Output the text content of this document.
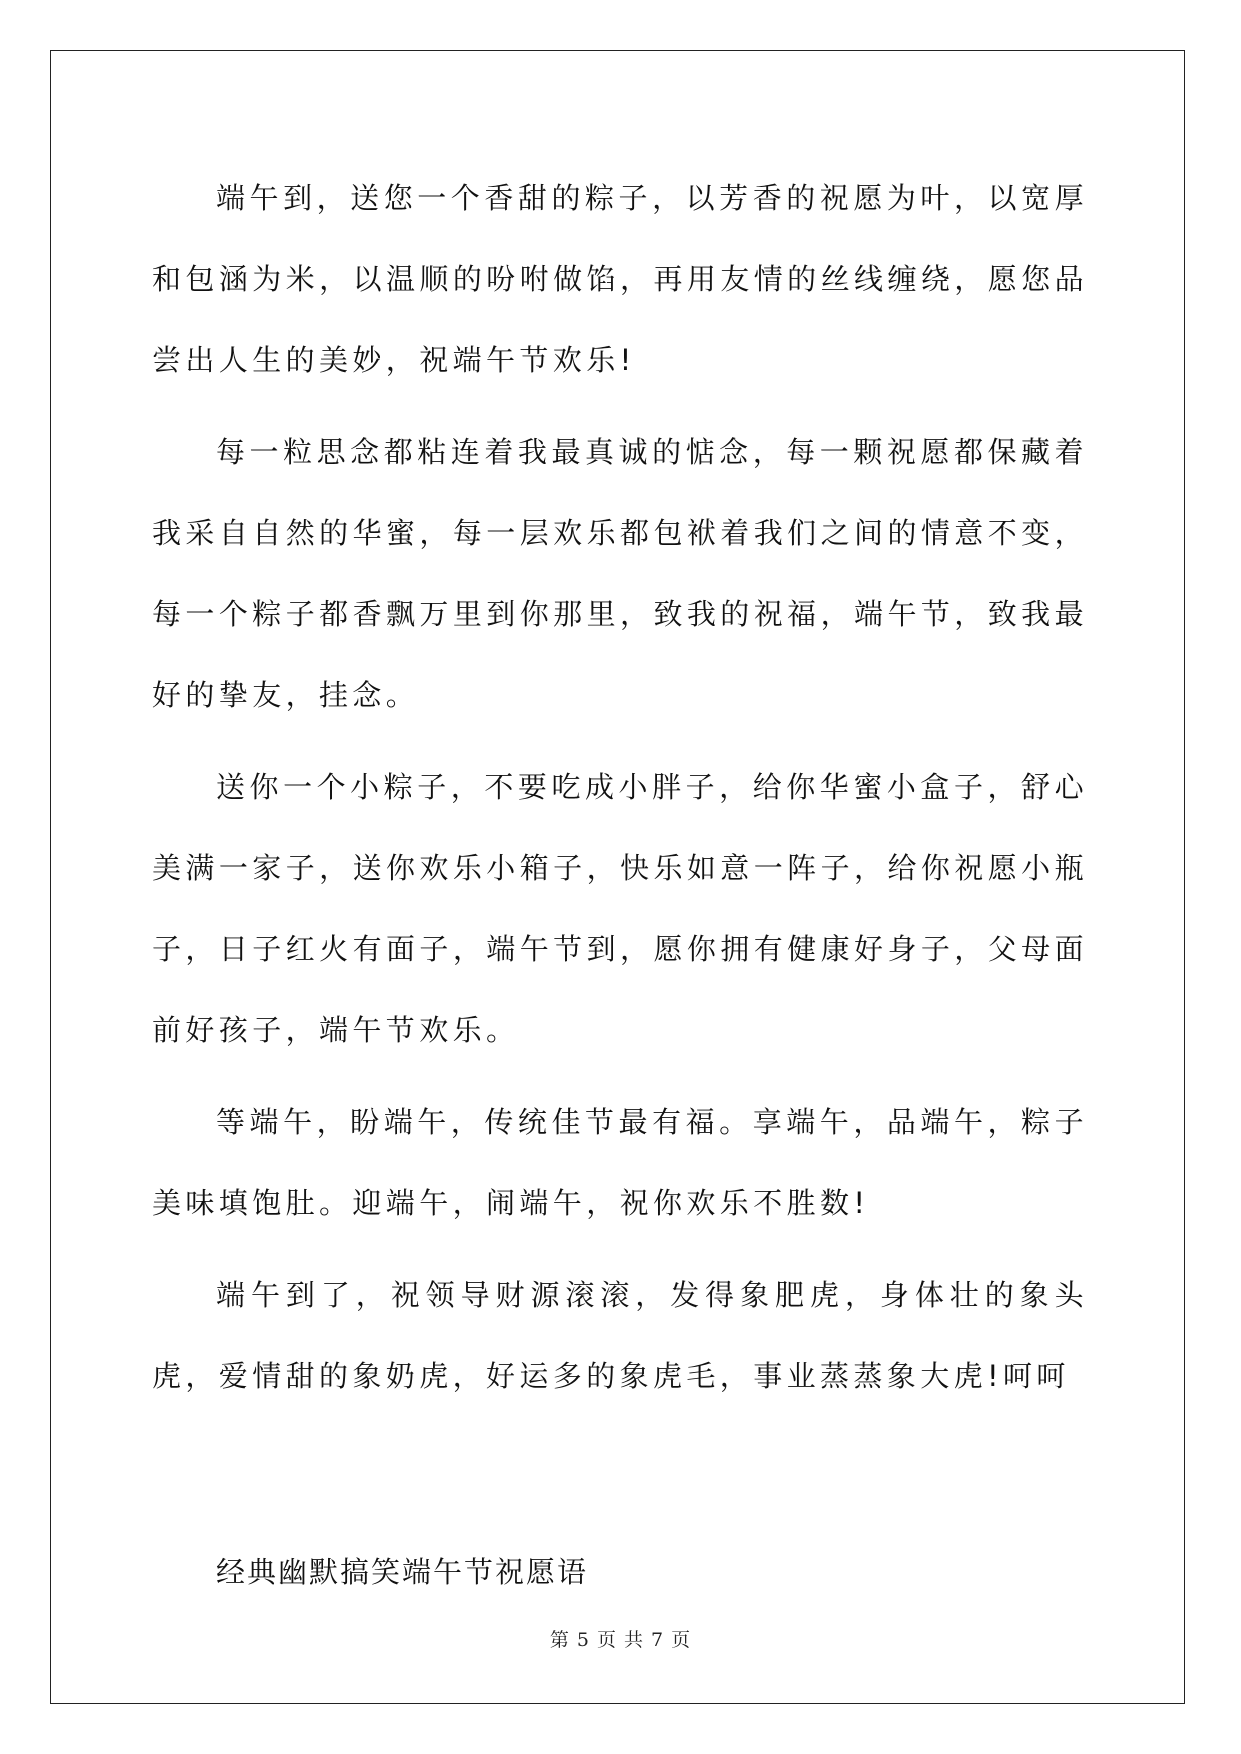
端午到，送您一个香甜的粽子，以芳香的祝愿为叶，以宽厚和包涵为米，以温顺的吩咐做馅，再用友情的丝线缠绕，愿您品尝出人生的美妙，祝端午节欢乐!

每一粒思念都粘连着我最真诚的惦念，每一颗祝愿都保藏着我采自自然的华蜜，每一层欢乐都包袱着我们之间的情意不变，每一个粽子都香飘万里到你那里，致我的祝福，端午节，致我最好的挚友，挂念。

送你一个小粽子，不要吃成小胖子，给你华蜜小盒子，舒心美满一家子，送你欢乐小箱子，快乐如意一阵子，给你祝愿小瓶子，日子红火有面子，端午节到，愿你拥有健康好身子，父母面前好孩子，端午节欢乐。

等端午，盼端午，传统佳节最有福。享端午，品端午，粽子美味填饱肚。迎端午，闹端午，祝你欢乐不胜数!

端午到了，祝领导财源滚滚，发得象肥虎，身体壮的象头虎，爱情甜的象奶虎，好运多的象虎毛，事业蒸蒸象大虎!呵呵

经典幽默搞笑端午节祝愿语

第 5 页 共 7 页
